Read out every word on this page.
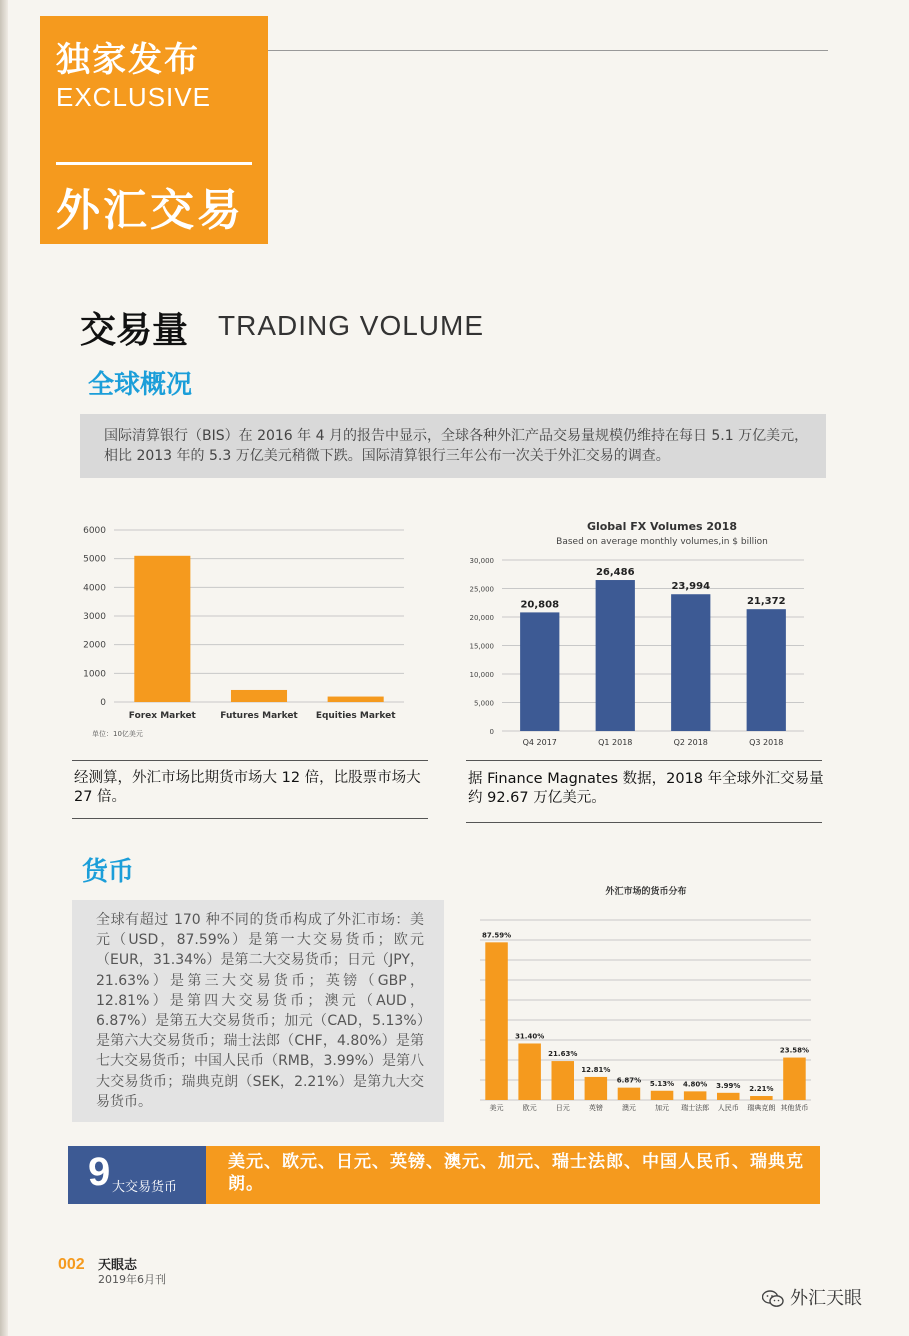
独家发布
EXCLUSIVE
外汇交易
交易量 TRADING VOLUME
全球概况

国际清算银行（BIS）在 2016 年 4 月的报告中显示，全球各种外汇产品交易量规模仍维持在每日 5.1 万亿美元，相比 2013 年的 5.3 万亿美元稍微下跌。国际清算银行三年公布一次关于外汇交易的调查。

0
1000
2000
3000
4000
5000
6000
Forex Market	Futures Market Equities Market
单位：10亿美元
Global FX Volumes 2018
Based on average monthly volumes,in $ billion
0
5,000
10,000
15,000
20,000
25,000
30,000
Q4 2017
20,808
Q1 2018
26,486
Q2 2018
23,994
Q3 2018
21,372
经测算，外汇市场比期货市场大 12 倍，比股票市场大 27 倍。
据 Finance Magnates 数据，2018 年全球外汇交易量约 92.67 万亿美元。
货币

全球有超过 170 种不同的货币构成了外汇市场：美元（USD，87.59%）是第一大交易货币；欧元（EUR，31.34%）是第二大交易货币；日元（JPY，21.63%）是第三大交易货币；英镑（GBP，12.81%）是第四大交易货币；澳元（AUD，6.87%）是第五大交易货币；加元（CAD，5.13%）是第六大交易货币；瑞士法郎（CHF，4.80%）是第七大交易货币；中国人民币（RMB，3.99%）是第八大交易货币；瑞典克朗（SEK，2.21%）是第九大交易货币。

外汇市场的货币分布
美元
87.59%
欧元
31.40%
日元
21.63%
英镑
12.81%
澳元
6.87%
加元
5.13%
瑞士法郎
4.80%
人民币
3.99%
瑞典克朗
2.21%
其他货币
23.58%
9 大交易货币
美元、欧元、日元、英镑、澳元、加元、瑞士法郎、中国人民币、瑞典克朗。
002 天眼志
2019年6月刊
外汇天眼
